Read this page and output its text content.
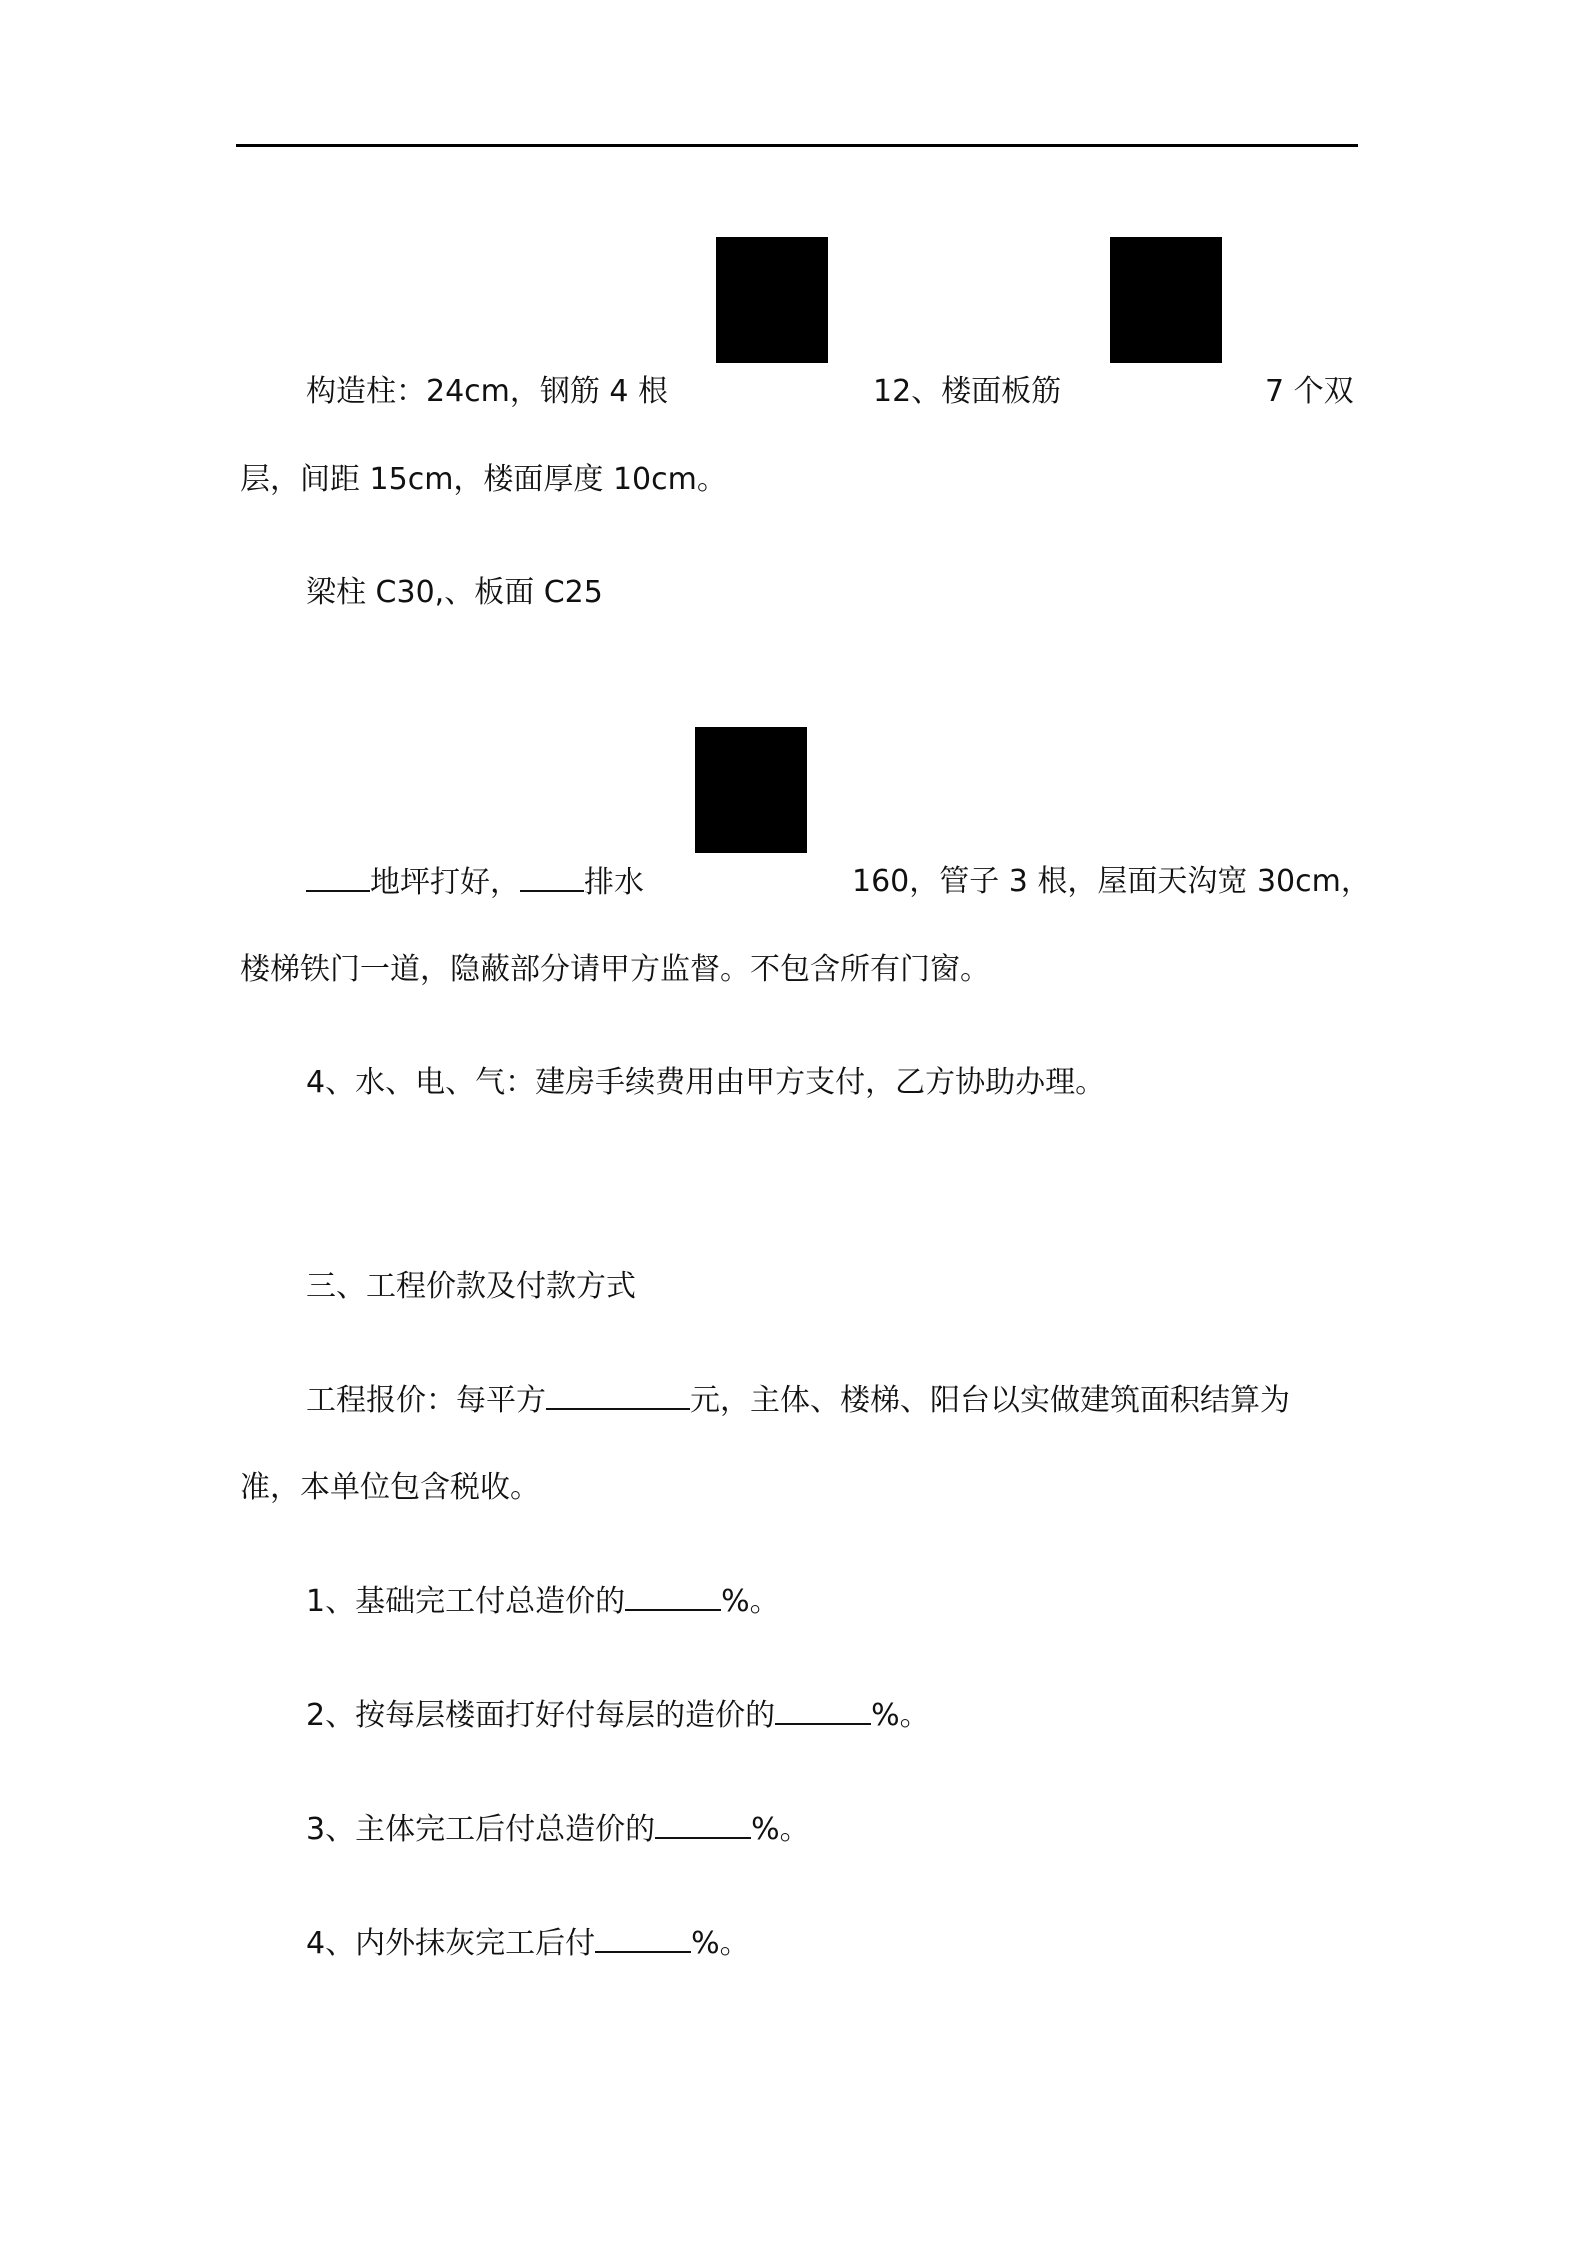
构造柱：24cm，钢筋 4 根	12、楼面板筋	7 个双
层，间距 15cm，楼面厚度 10cm。
梁柱 C30,、板面 C25
地坪打好， 排水	160，管子 3 根，屋面天沟宽 30cm，
楼梯铁门一道，隐蔽部分请甲方监督。不包含所有门窗。
4、水、电、气：建房手续费用由甲方支付，乙方协助办理。
三、工程价款及付款方式
工程报价：每平方	元，主体、楼梯、阳台以实做建筑面积结算为
准，本单位包含税收。
1、基础完工付总造价的	%。
2、按每层楼面打好付每层的造价的	%。
3、主体完工后付总造价的	%。
4、内外抹灰完工后付	%。
